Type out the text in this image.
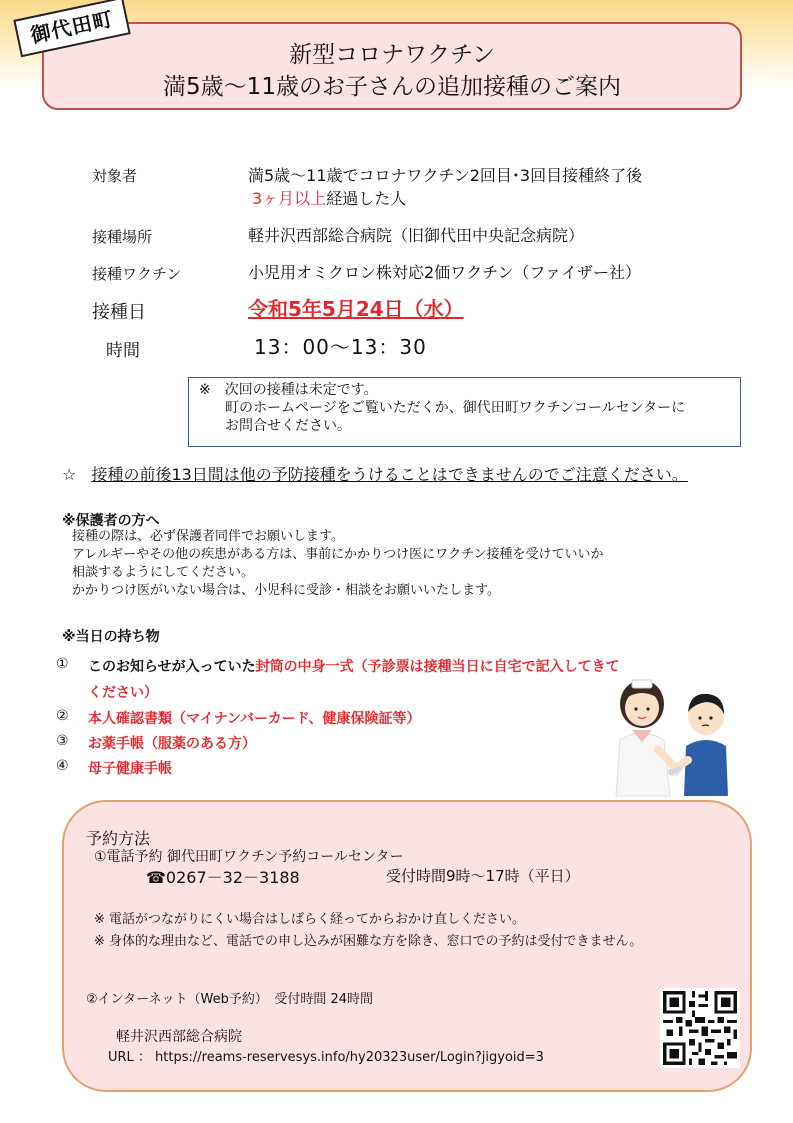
新型コロナワクチン
満5歳～11歳のお子さんの追加接種のご案内
御代田町
対象者	満5歳～11歳でコロナワクチン2回目･3回目接種終了後
3ヶ月以上経過した人
接種場所	軽井沢西部総合病院（旧御代田中央記念病院）
接種ワクチン	小児用オミクロン株対応2価ワクチン（ファイザー社）
接種日	令和5年5月24日（水）
時間	13：00～13：30
※　次回の接種は未定です。
町のホームページをご覧いただくか、御代田町ワクチンコールセンターに
お問合せください。
☆ 接種の前後13日間は他の予防接種をうけることはできませんのでご注意ください。
※保護者の方へ
接種の際は、必ず保護者同伴でお願いします。
アレルギーやその他の疾患がある方は、事前にかかりつけ医にワクチン接種を受けていいか
相談するようにしてください。
かかりつけ医がいない場合は、小児科に受診・相談をお願いいたします。
※当日の持ち物
① このお知らせが入っていた封筒の中身一式（予診票は接種当日に自宅で記入してきて
ください）
② 本人確認書類（マイナンバーカード、健康保険証等）
③ お薬手帳（服薬のある方）
④ 母子健康手帳
予約方法
①電話予約 御代田町ワクチン予約コールセンター
☎0267－32－3188	受付時間9時～17時（平日）
※ 電話がつながりにくい場合はしばらく経ってからおかけ直しください。
※ 身体的な理由など、電話での申し込みが困難な方を除き、窓口での予約は受付できません。
②インターネット（Web予約）　受付時間 24時間
軽井沢西部総合病院
URL ： https://reams-reservesys.info/hy20323user/Login?jigyoid=3
